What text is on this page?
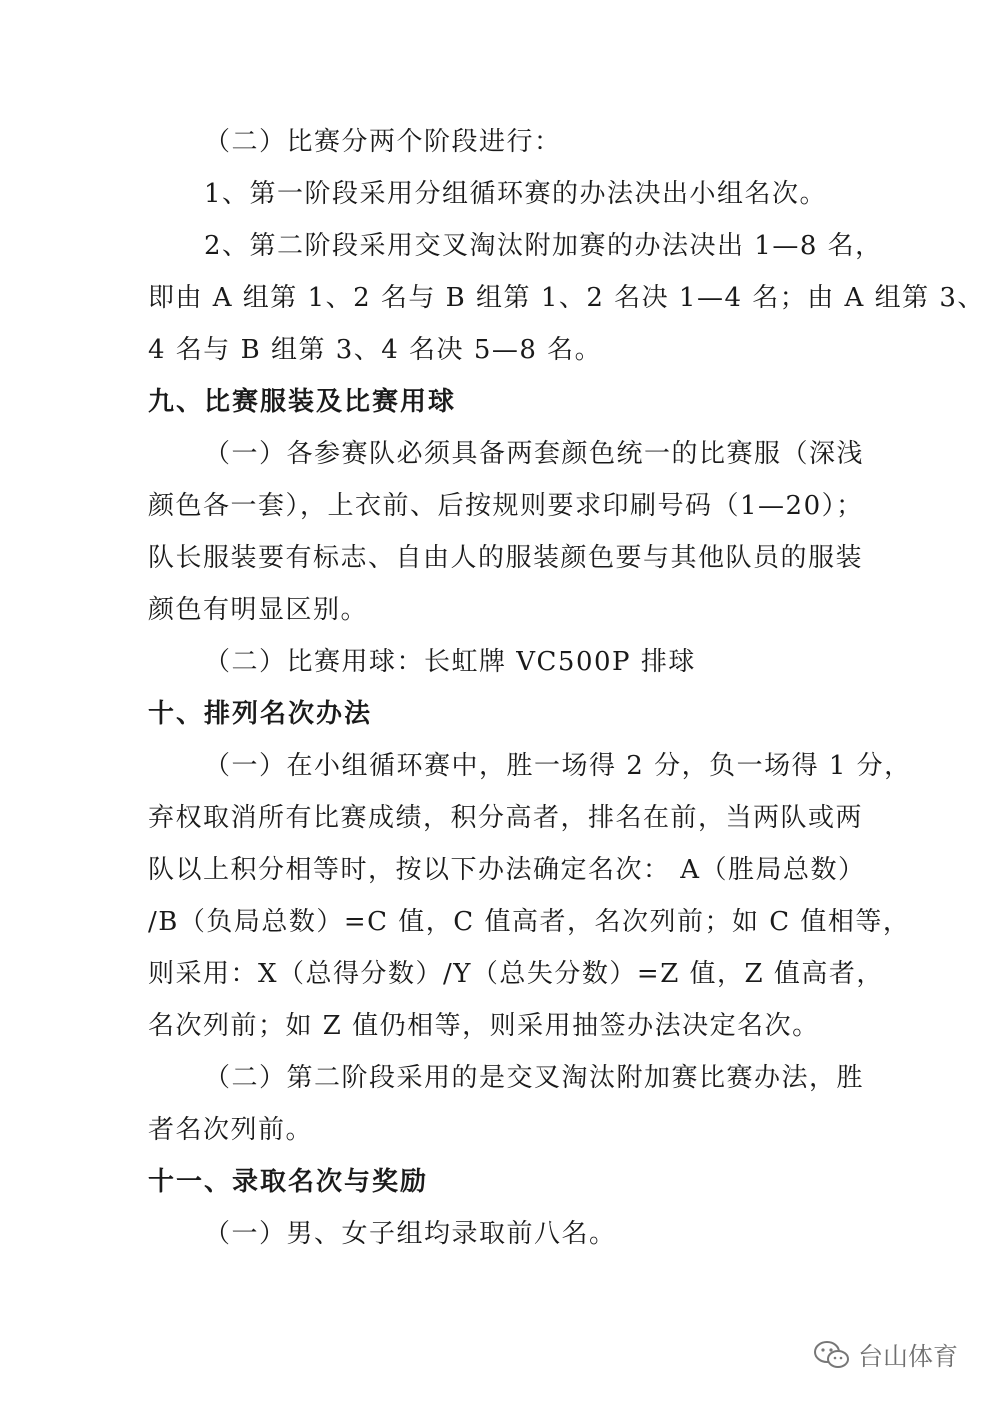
（二）比赛分两个阶段进行：
1、第一阶段采用分组循环赛的办法决出小组名次。
2、第二阶段采用交叉淘汰附加赛的办法决出 1—8 名，
即由 A 组第 1、2 名与 B 组第 1、2 名决 1—4 名；由 A 组第 3、
4 名与 B 组第 3、4 名决 5—8 名。
九、比赛服装及比赛用球
（一）各参赛队必须具备两套颜色统一的比赛服（深浅
颜色各一套），上衣前、后按规则要求印刷号码（1—20）；
队长服装要有标志、自由人的服装颜色要与其他队员的服装
颜色有明显区别。
（二）比赛用球：长虹牌 VC500P 排球
十、排列名次办法
（一）在小组循环赛中，胜一场得 2 分，负一场得 1 分，
弃权取消所有比赛成绩，积分高者，排名在前，当两队或两
队以上积分相等时，按以下办法确定名次： A（胜局总数）
/B（负局总数）=C 值，C 值高者，名次列前；如 C 值相等，
则采用：X（总得分数）/Y（总失分数）=Z 值，Z 值高者，
名次列前；如 Z 值仍相等，则采用抽签办法决定名次。
（二）第二阶段采用的是交叉淘汰附加赛比赛办法，胜
者名次列前。
十一、录取名次与奖励
（一）男、女子组均录取前八名。
台山体育
